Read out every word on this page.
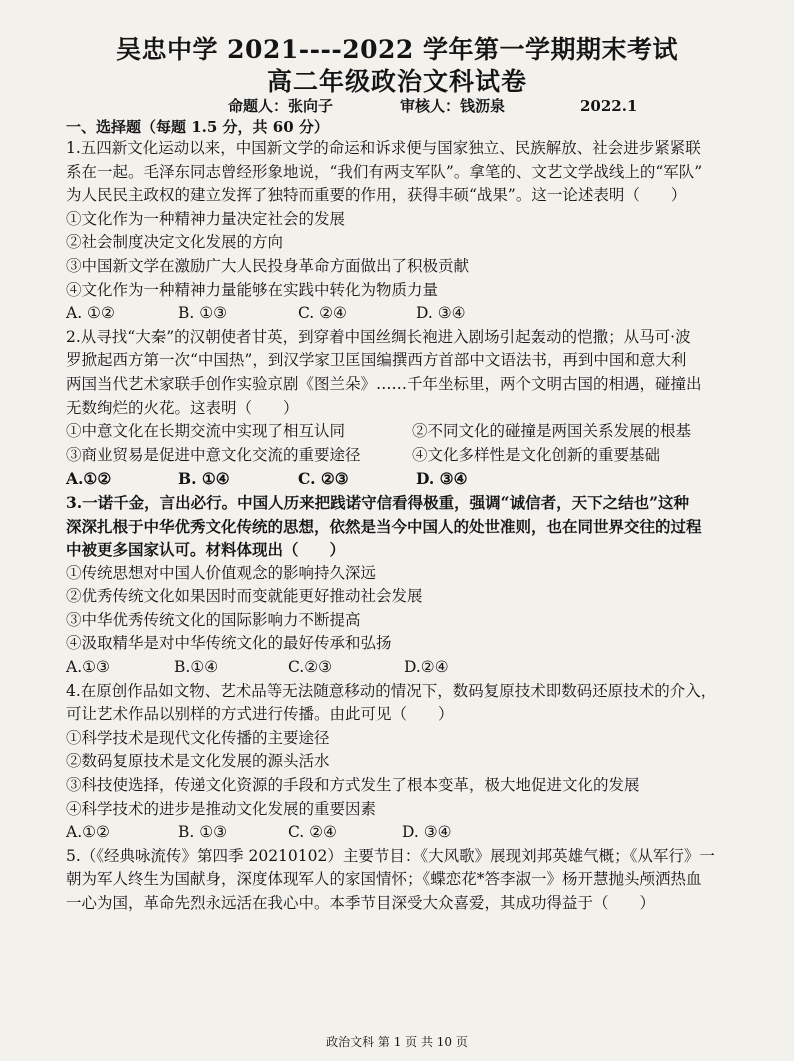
吴忠中学 2021----2022 学年第一学期期末考试
高二年级政治文科试卷
命题人：张向子	审核人：钱沥泉	2022.1
一、选择题（每题 1.5 分，共 60 分）
1.五四新文化运动以来，中国新文学的命运和诉求便与国家独立、民族解放、社会进步紧紧联
系在一起。毛泽东同志曾经形象地说，“我们有两支军队”。拿笔的、文艺文学战线上的“军队”
为人民民主政权的建立发挥了独特而重要的作用，获得丰硕“战果”。这一论述表明（　　）
①文化作为一种精神力量决定社会的发展
②社会制度决定文化发展的方向
③中国新文学在激励广大人民投身革命方面做出了积极贡献
④文化作为一种精神力量能够在实践中转化为物质力量
A. ①②	B. ①③	C. ②④	D. ③④
2.从寻找“大秦”的汉朝使者甘英，到穿着中国丝绸长袍进入剧场引起轰动的恺撒；从马可·波
罗掀起西方第一次“中国热”，到汉学家卫匡国编撰西方首部中文语法书，再到中国和意大利
两国当代艺术家联手创作实验京剧《图兰朵》……千年坐标里，两个文明古国的相遇，碰撞出
无数绚烂的火花。这表明（　　）
①中意文化在长期交流中实现了相互认同	②不同文化的碰撞是两国关系发展的根基
③商业贸易是促进中意文化交流的重要途径	④文化多样性是文化创新的重要基础
A.①②	B. ①④	C. ②③	D. ③④
3.一诺千金，言出必行。中国人历来把践诺守信看得极重，强调“诚信者，天下之结也”这种
深深扎根于中华优秀文化传统的思想，依然是当今中国人的处世准则，也在同世界交往的过程
中被更多国家认可。材料体现出（　　）
①传统思想对中国人价值观念的影响持久深远
②优秀传统文化如果因时而变就能更好推动社会发展
③中华优秀传统文化的国际影响力不断提高
④汲取精华是对中华传统文化的最好传承和弘扬
A.①③	B.①④	C.②③	D.②④
4.在原创作品如文物、艺术品等无法随意移动的情况下，数码复原技术即数码还原技术的介入，
可让艺术作品以别样的方式进行传播。由此可见（　　）
①科学技术是现代文化传播的主要途径
②数码复原技术是文化发展的源头活水
③科技使选择，传递文化资源的手段和方式发生了根本变革，极大地促进文化的发展
④科学技术的进步是推动文化发展的重要因素
A.①②	B. ①③	C. ②④	D. ③④
5.（《经典咏流传》第四季 20210102）主要节目：《大风歌》展现刘邦英雄气概；《从军行》一
朝为军人终生为国献身，深度体现军人的家国情怀；《蝶恋花*答李淑一》杨开慧抛头颅洒热血
一心为国，革命先烈永远活在我心中。本季节目深受大众喜爱，其成功得益于（　　）
政治文科 第 1 页 共 10 页
